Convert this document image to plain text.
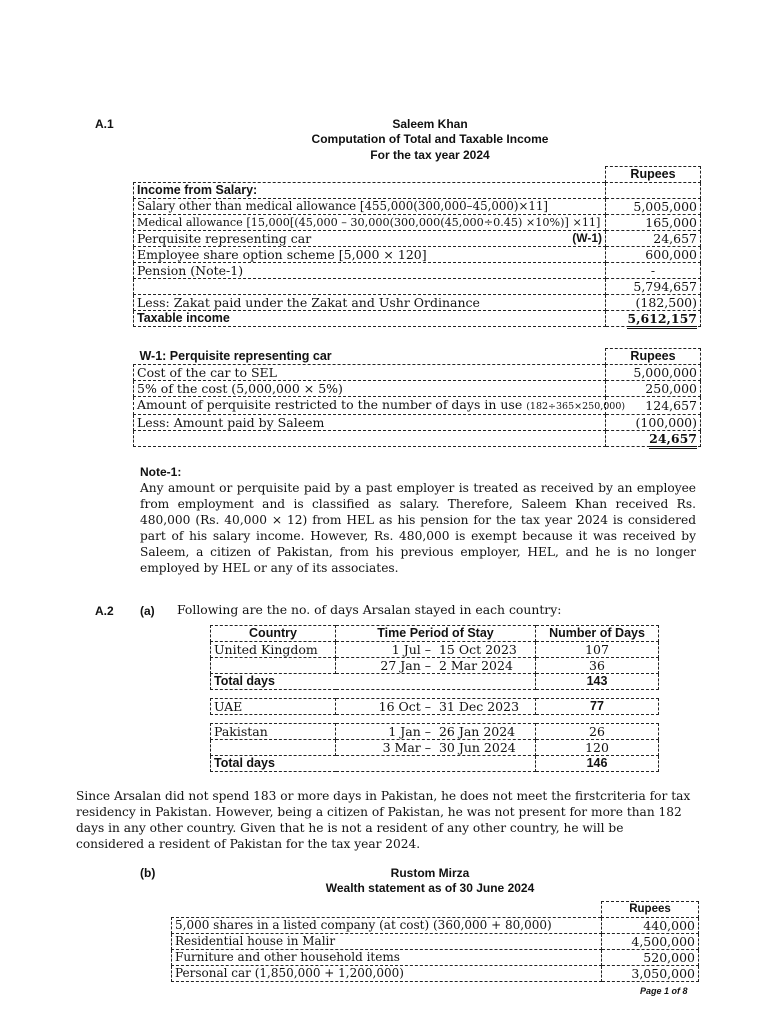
A.1	Saleem Khan
Computation of Total and Taxable Income
For the tax year 2024
	Rupees
Income from Salary:	
Salary other than medical allowance [455,000(300,000–45,000)×11]	5,005,000
Medical allowance [15,000[(45,000 – 30,000(300,000(45,000÷0.45) ×10%)] ×11]	165,000
Perquisite representing car (W-1)	24,657
Employee share option scheme [5,000 × 120]	600,000
Pension (Note-1)	-
	5,794,657
Less: Zakat paid under the Zakat and Ushr Ordinance	(182,500)
Taxable income	5,612,157
W-1: Perquisite representing car	Rupees
Cost of the car to SEL	5,000,000
5% of the cost (5,000,000 × 5%)	250,000
Amount of perquisite restricted to the number of days in use (182÷365×250,000)	124,657
Less: Amount paid by Saleem	(100,000)
	24,657
Note-1:
Any amount or perquisite paid by a past employer is treated as received by an employee from employment and is classified as salary. Therefore, Saleem Khan received Rs. 480,000 (Rs. 40,000 × 12) from HEL as his pension for the tax year 2024 is considered part of his salary income. However, Rs. 480,000 is exempt because it was received by Saleem, a citizen of Pakistan, from his previous employer, HEL, and he is no longer employed by HEL or any of its associates.
A.2 (a) Following are the no. of days Arsalan stayed in each country:
Country	Time Period of Stay	Number of Days
United Kingdom	1 Jul – 15 Oct 2023	107
	27 Jan – 2 Mar 2024	36
Total days		143

UAE	16 Oct – 31 Dec 2023	77

Pakistan	1 Jan – 26 Jan 2024	26
	3 Mar – 30 Jun 2024	120
Total days		146
Since Arsalan did not spend 183 or more days in Pakistan, he does not meet the firstcriteria for tax residency in Pakistan. However, being a citizen of Pakistan, he was not present for more than 182 days in any other country. Given that he is not a resident of any other country, he will be considered a resident of Pakistan for the tax year 2024.
(b)	Rustom Mirza
Wealth statement as of 30 June 2024
	Rupees
5,000 shares in a listed company (at cost) (360,000 + 80,000)	440,000
Residential house in Malir	4,500,000
Furniture and other household items	520,000
Personal car (1,850,000 + 1,200,000)	3,050,000
Page 1 of 8
